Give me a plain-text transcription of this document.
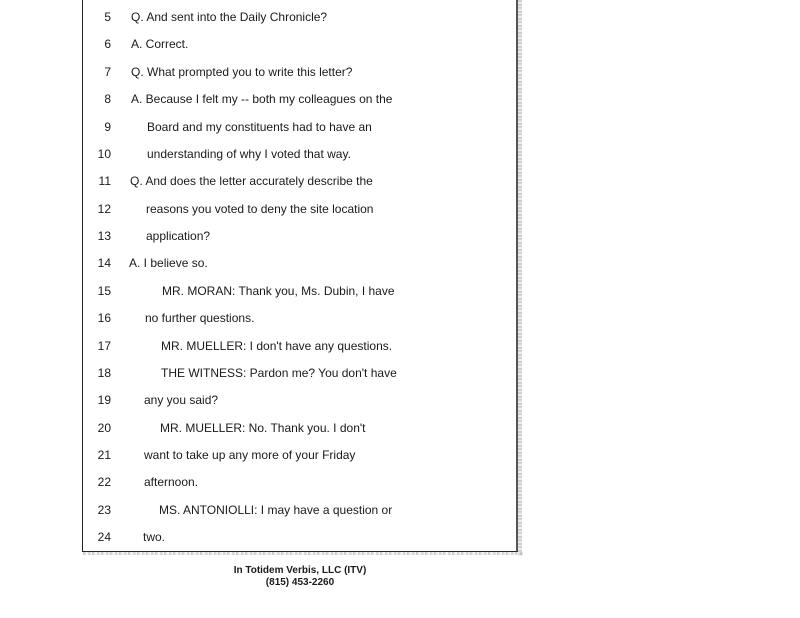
5 Q. And sent into the Daily Chronicle?
6 A. Correct.
7 Q. What prompted you to write this letter?
8 A. Because I felt my -- both my colleagues on the
9	Board and my constituents had to have an
10	understanding of why I voted that way.
11 Q. And does the letter accurately describe the
12	reasons you voted to deny the site location
13	application?
14 A. I believe so.
15	MR. MORAN: Thank you, Ms. Dubin, I have
16	no further questions.
17	MR. MUELLER: I don't have any questions.
18	THE WITNESS: Pardon me? You don't have
19	any you said?
20	MR. MUELLER: No. Thank you. I don't
21	want to take up any more of your Friday
22	afternoon.
23	MS. ANTONIOLLI: I may have a question or
24	two.
In Totidem Verbis, LLC (ITV)
(815) 453-2260
